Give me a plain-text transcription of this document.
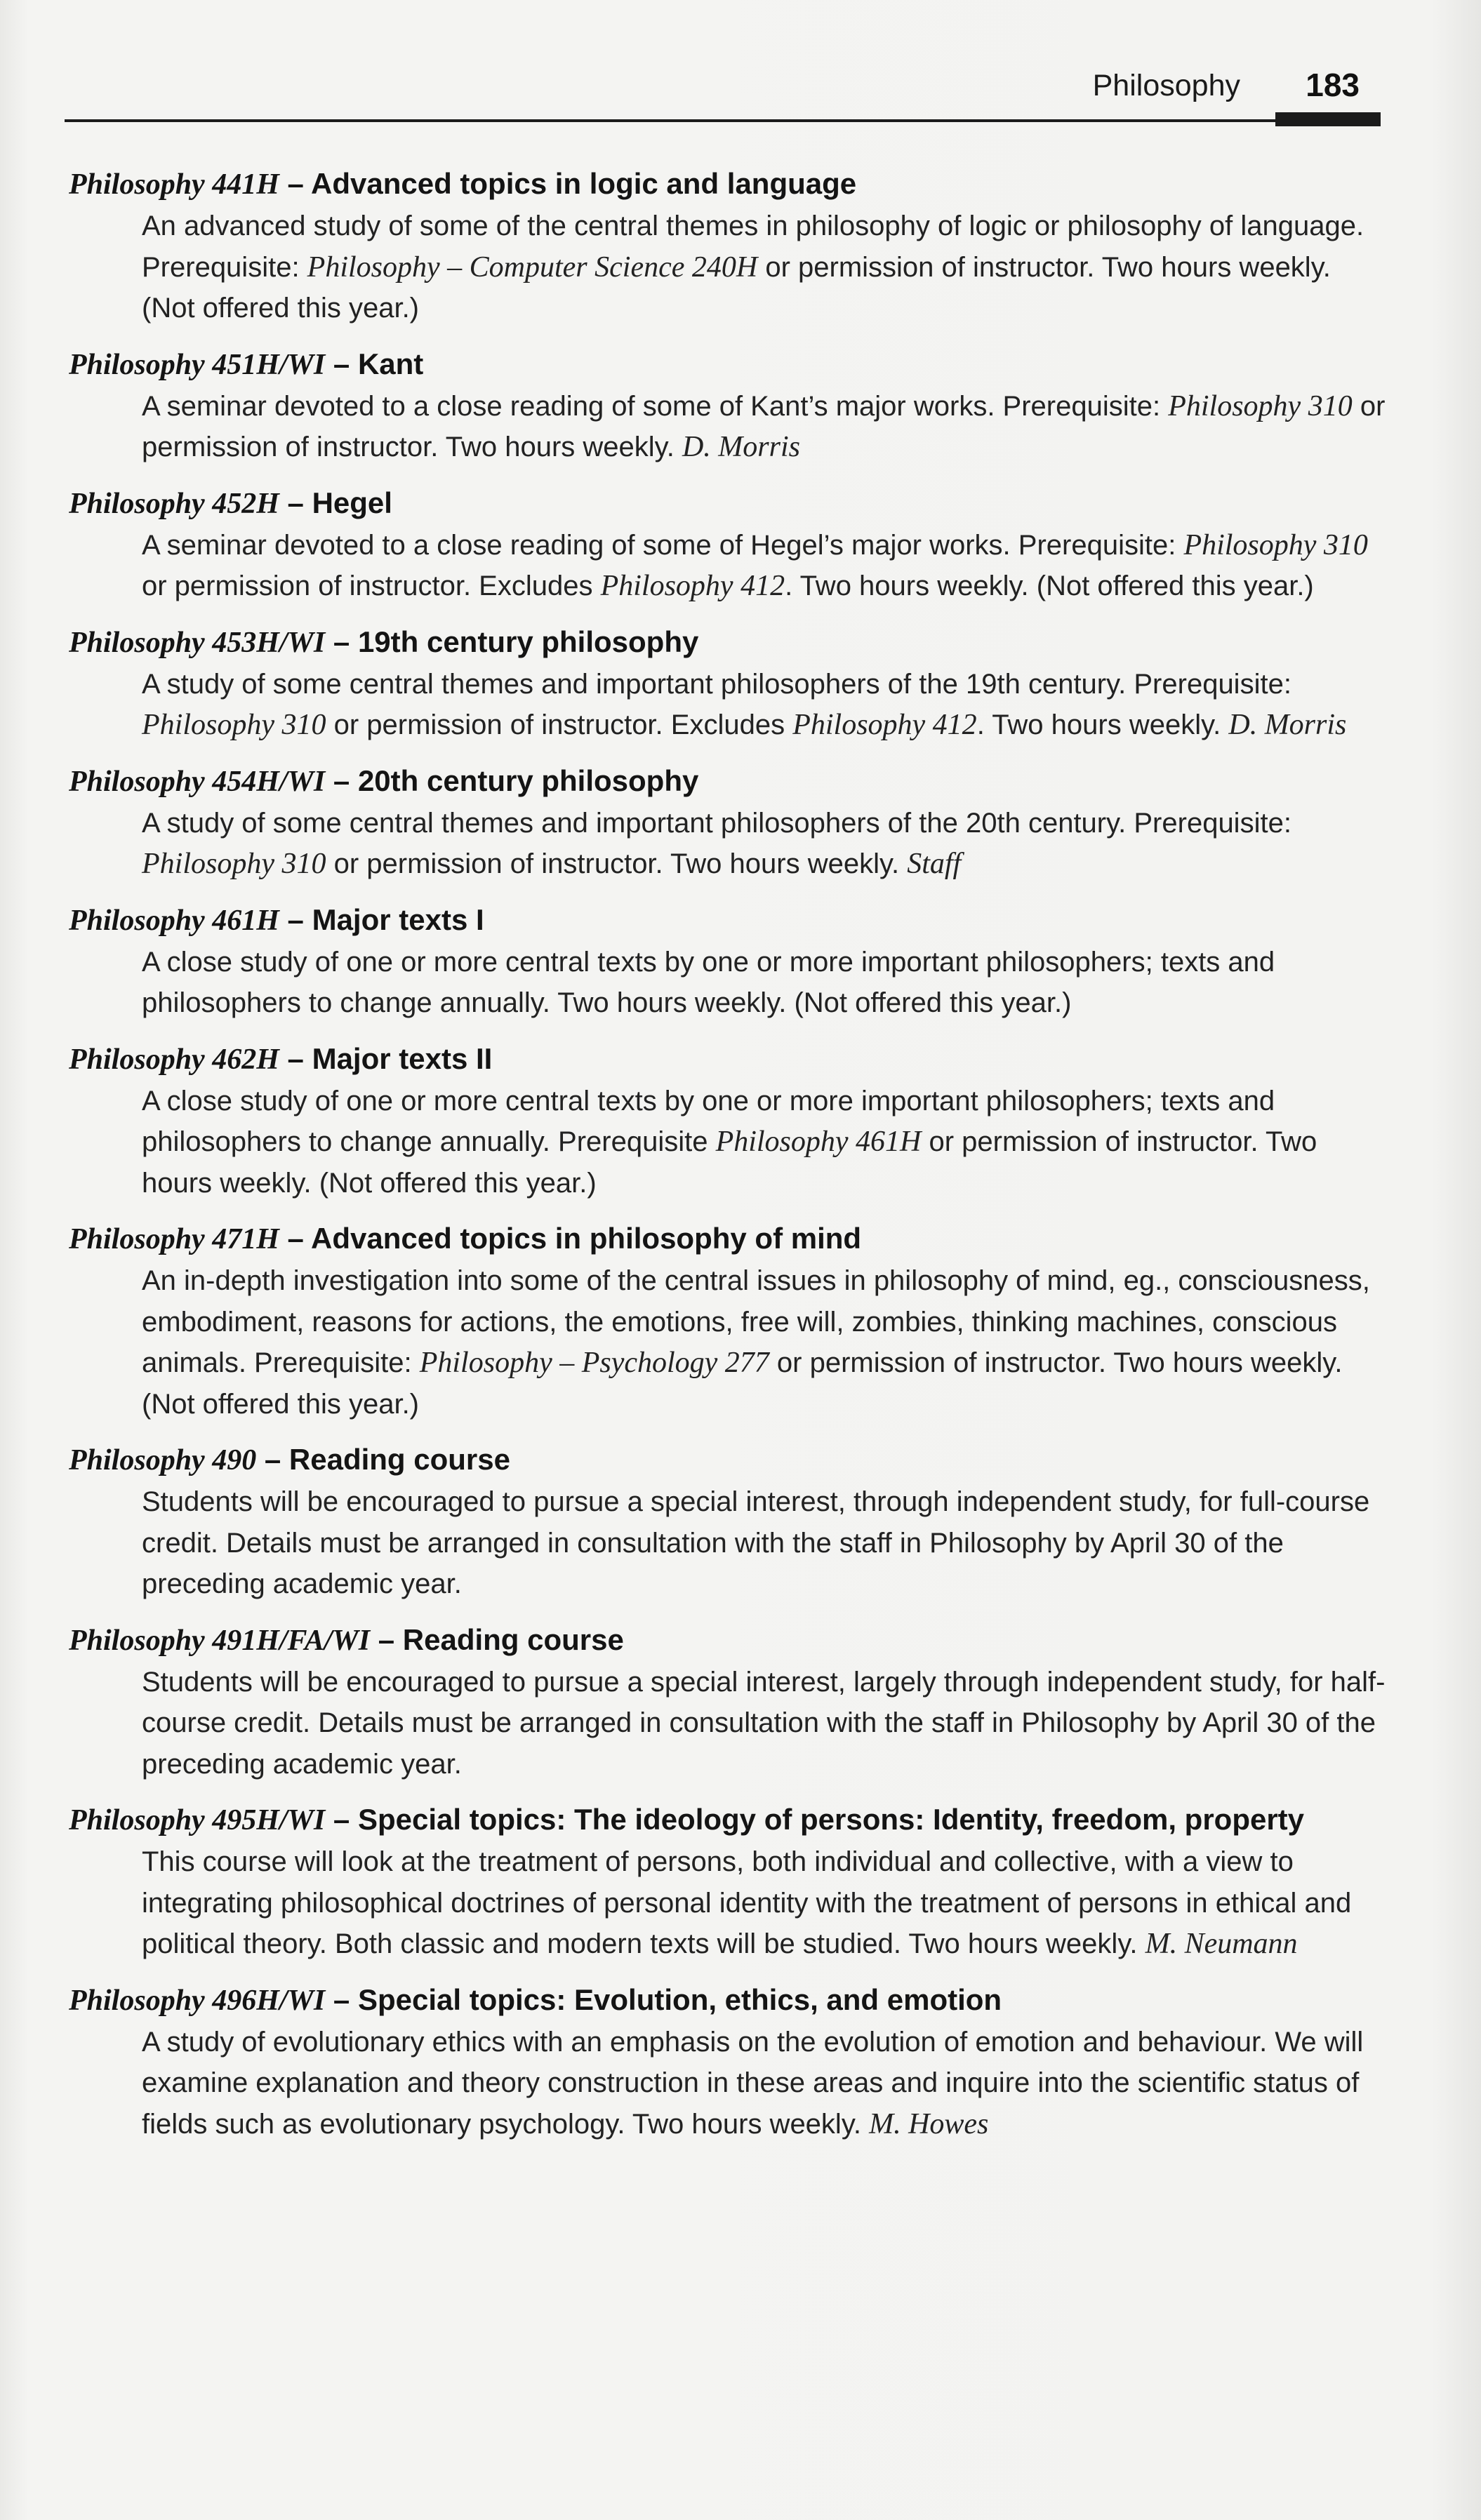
Philosophy 183
Philosophy 441H – Advanced topics in logic and language

An advanced study of some of the central themes in philosophy of logic or philosophy of language. Prerequisite: Philosophy – Computer Science 240H or permission of instructor. Two hours weekly. (Not offered this year.)

Philosophy 451H/WI – Kant

A seminar devoted to a close reading of some of Kant’s major works. Prerequisite: Philosophy 310 or permission of instructor. Two hours weekly. D. Morris

Philosophy 452H – Hegel

A seminar devoted to a close reading of some of Hegel’s major works. Prerequisite: Philosophy 310 or permission of instructor. Excludes Philosophy 412. Two hours weekly. (Not offered this year.)

Philosophy 453H/WI – 19th century philosophy

A study of some central themes and important philosophers of the 19th century. Prerequisite: Philosophy 310 or permission of instructor. Excludes Philosophy 412. Two hours weekly. D. Morris

Philosophy 454H/WI – 20th century philosophy

A study of some central themes and important philosophers of the 20th century. Prerequisite: Philosophy 310 or permission of instructor. Two hours weekly. Staff

Philosophy 461H – Major texts I

A close study of one or more central texts by one or more important philosophers; texts and philosophers to change annually. Two hours weekly. (Not offered this year.)

Philosophy 462H – Major texts II

A close study of one or more central texts by one or more important philosophers; texts and philosophers to change annually. Prerequisite Philosophy 461H or permission of instructor. Two hours weekly. (Not offered this year.)

Philosophy 471H – Advanced topics in philosophy of mind

An in-depth investigation into some of the central issues in philosophy of mind, eg., consciousness, embodiment, reasons for actions, the emotions, free will, zombies, thinking machines, conscious animals. Prerequisite: Philosophy – Psychology 277 or permission of instructor. Two hours weekly. (Not offered this year.)

Philosophy 490 – Reading course

Students will be encouraged to pursue a special interest, through independent study, for full-course credit. Details must be arranged in consultation with the staff in Philosophy by April 30 of the preceding academic year.

Philosophy 491H/FA/WI – Reading course

Students will be encouraged to pursue a special interest, largely through independent study, for half-course credit. Details must be arranged in consultation with the staff in Philosophy by April 30 of the preceding academic year.

Philosophy 495H/WI – Special topics: The ideology of persons: Identity, freedom, property

This course will look at the treatment of persons, both individual and collective, with a view to integrating philosophical doctrines of personal identity with the treatment of persons in ethical and political theory. Both classic and modern texts will be studied. Two hours weekly. M. Neumann

Philosophy 496H/WI – Special topics: Evolution, ethics, and emotion

A study of evolutionary ethics with an emphasis on the evolution of emotion and behaviour. We will examine explanation and theory construction in these areas and inquire into the scientific status of fields such as evolutionary psychology. Two hours weekly. M. Howes
